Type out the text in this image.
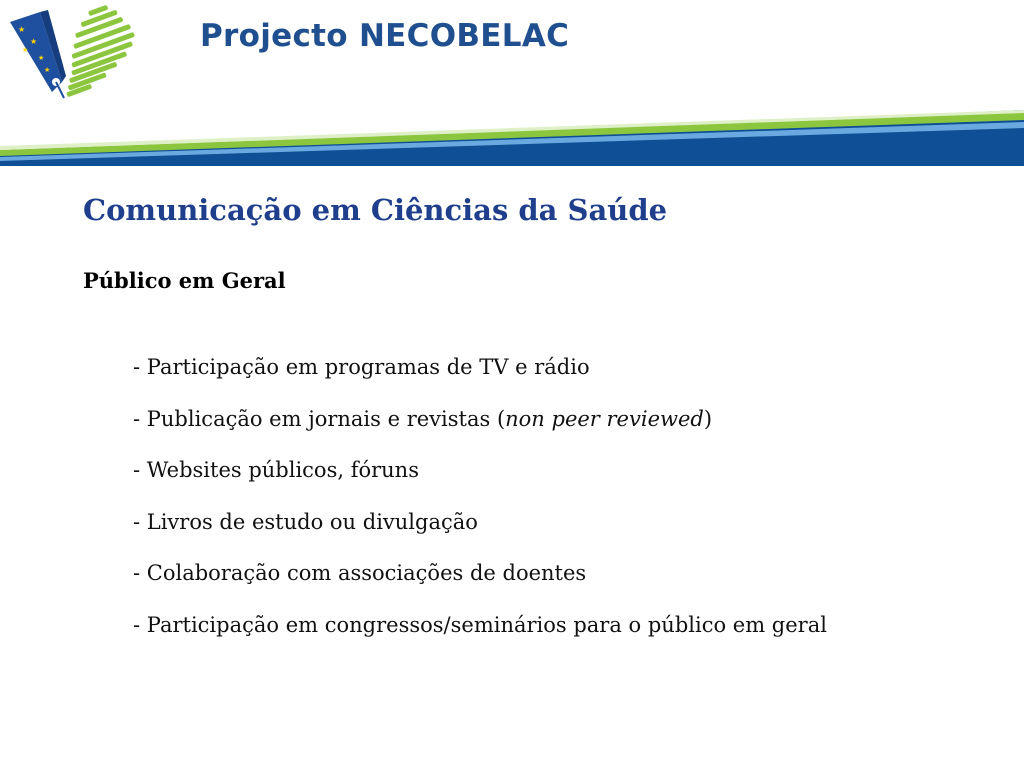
★
★
★
★
★
Projecto NECOBELAC
Comunicação em Ciências da Saúde
Público em Geral
- Participação em programas de TV e rádio
- Publicação em jornais e revistas (non peer reviewed)
- Websites públicos, fóruns
- Livros de estudo ou divulgação
- Colaboração com associações de doentes
- Participação em congressos/seminários para o público em geral
